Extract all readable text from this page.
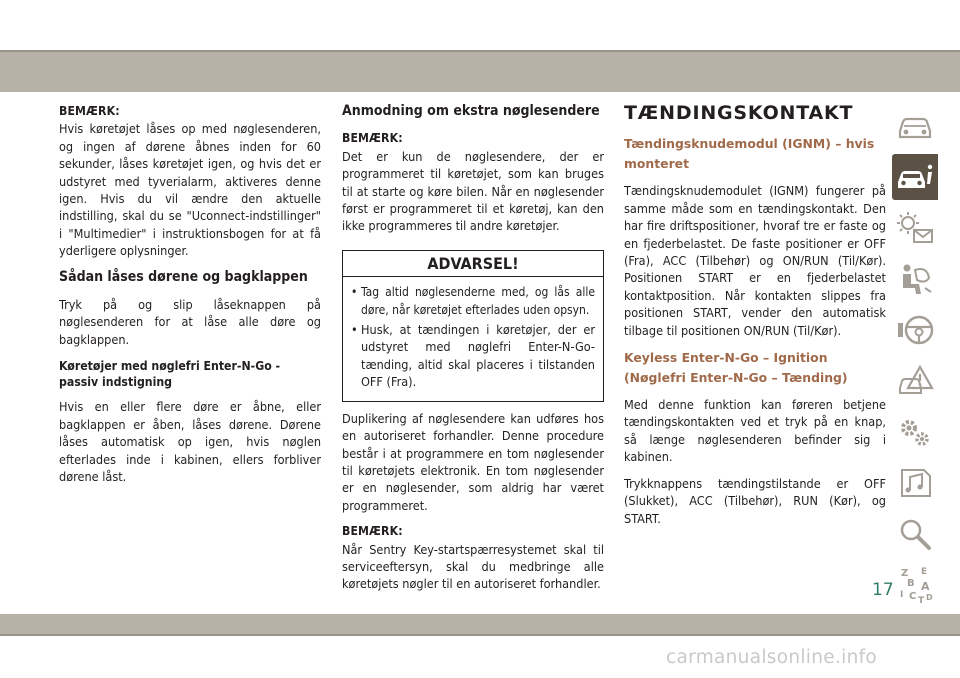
BEMÆRK:

Hvis køretøjet låses op med nøglesenderen, og ingen af dørene åbnes inden for 60 sekunder, låses køretøjet igen, og hvis det er udstyret med tyverialarm, aktiveres denne igen. Hvis du vil ændre den aktuelle indstilling, skal du se "Uconnect-indstillinger" i "Multimedier" i instruktionsbogen for at få yderligere oplysninger.

Sådan låses dørene og bagklappen

Tryk på og slip låseknappen på nøglesenderen for at låse alle døre og bagklappen.

Køretøjer med nøglefri Enter-N-Go - passiv indstigning

Hvis en eller flere døre er åbne, eller bagklappen er åben, låses dørene. Dørene låses automatisk op igen, hvis nøglen efterlades inde i kabinen, ellers forbliver dørene låst.

Anmodning om ekstra nøglesendere
BEMÆRK:

Det er kun de nøglesendere, der er programmeret til køretøjet, som kan bruges til at starte og køre bilen. Når en nøglesender først er programmeret til et køretøj, kan den ikke programmeres til andre køretøjer.

ADVARSEL!
• Tag altid nøglesenderne med, og lås alle døre, når køretøjet efterlades uden opsyn.
• Husk, at tændingen i køretøjer, der er udstyret med nøglefri Enter-N-Go-tænding, altid skal placeres i tilstanden OFF (Fra).

Duplikering af nøglesendere kan udføres hos en autoriseret forhandler. Denne procedure består i at programmere en tom nøglesender til køretøjets elektronik. En tom nøglesender er en nøglesender, som aldrig har været programmeret.

BEMÆRK:

Når Sentry Key-startspærresystemet skal til serviceeftersyn, skal du medbringe alle køretøjets nøgler til en autoriseret forhandler.

TÆNDINGSKONTAKT
Tændingsknudemodul (IGNM) – hvis monteret

Tændingsknudemodulet (IGNM) fungerer på samme måde som en tændingskontakt. Den har fire driftspositioner, hvoraf tre er faste og en fjederbelastet. De faste positioner er OFF (Fra), ACC (Tilbehør) og ON/RUN (Til/Kør). Positionen START er en fjederbelastet kontaktposition. Når kontakten slippes fra positionen START, vender den automatisk tilbage til positionen ON/RUN (Til/Kør).

Keyless Enter-N-Go – Ignition (Nøglefri Enter-N-Go – Tænding)

Med denne funktion kan føreren betjene tændingskontakten ved et tryk på en knap, så længe nøglesenderen befinder sig i kabinen.

Trykknappens tændingstilstande er OFF (Slukket), ACC (Tilbehør), RUN (Kør), og START.

Z E
B A
I C T D
17
carmanualsonline.info
